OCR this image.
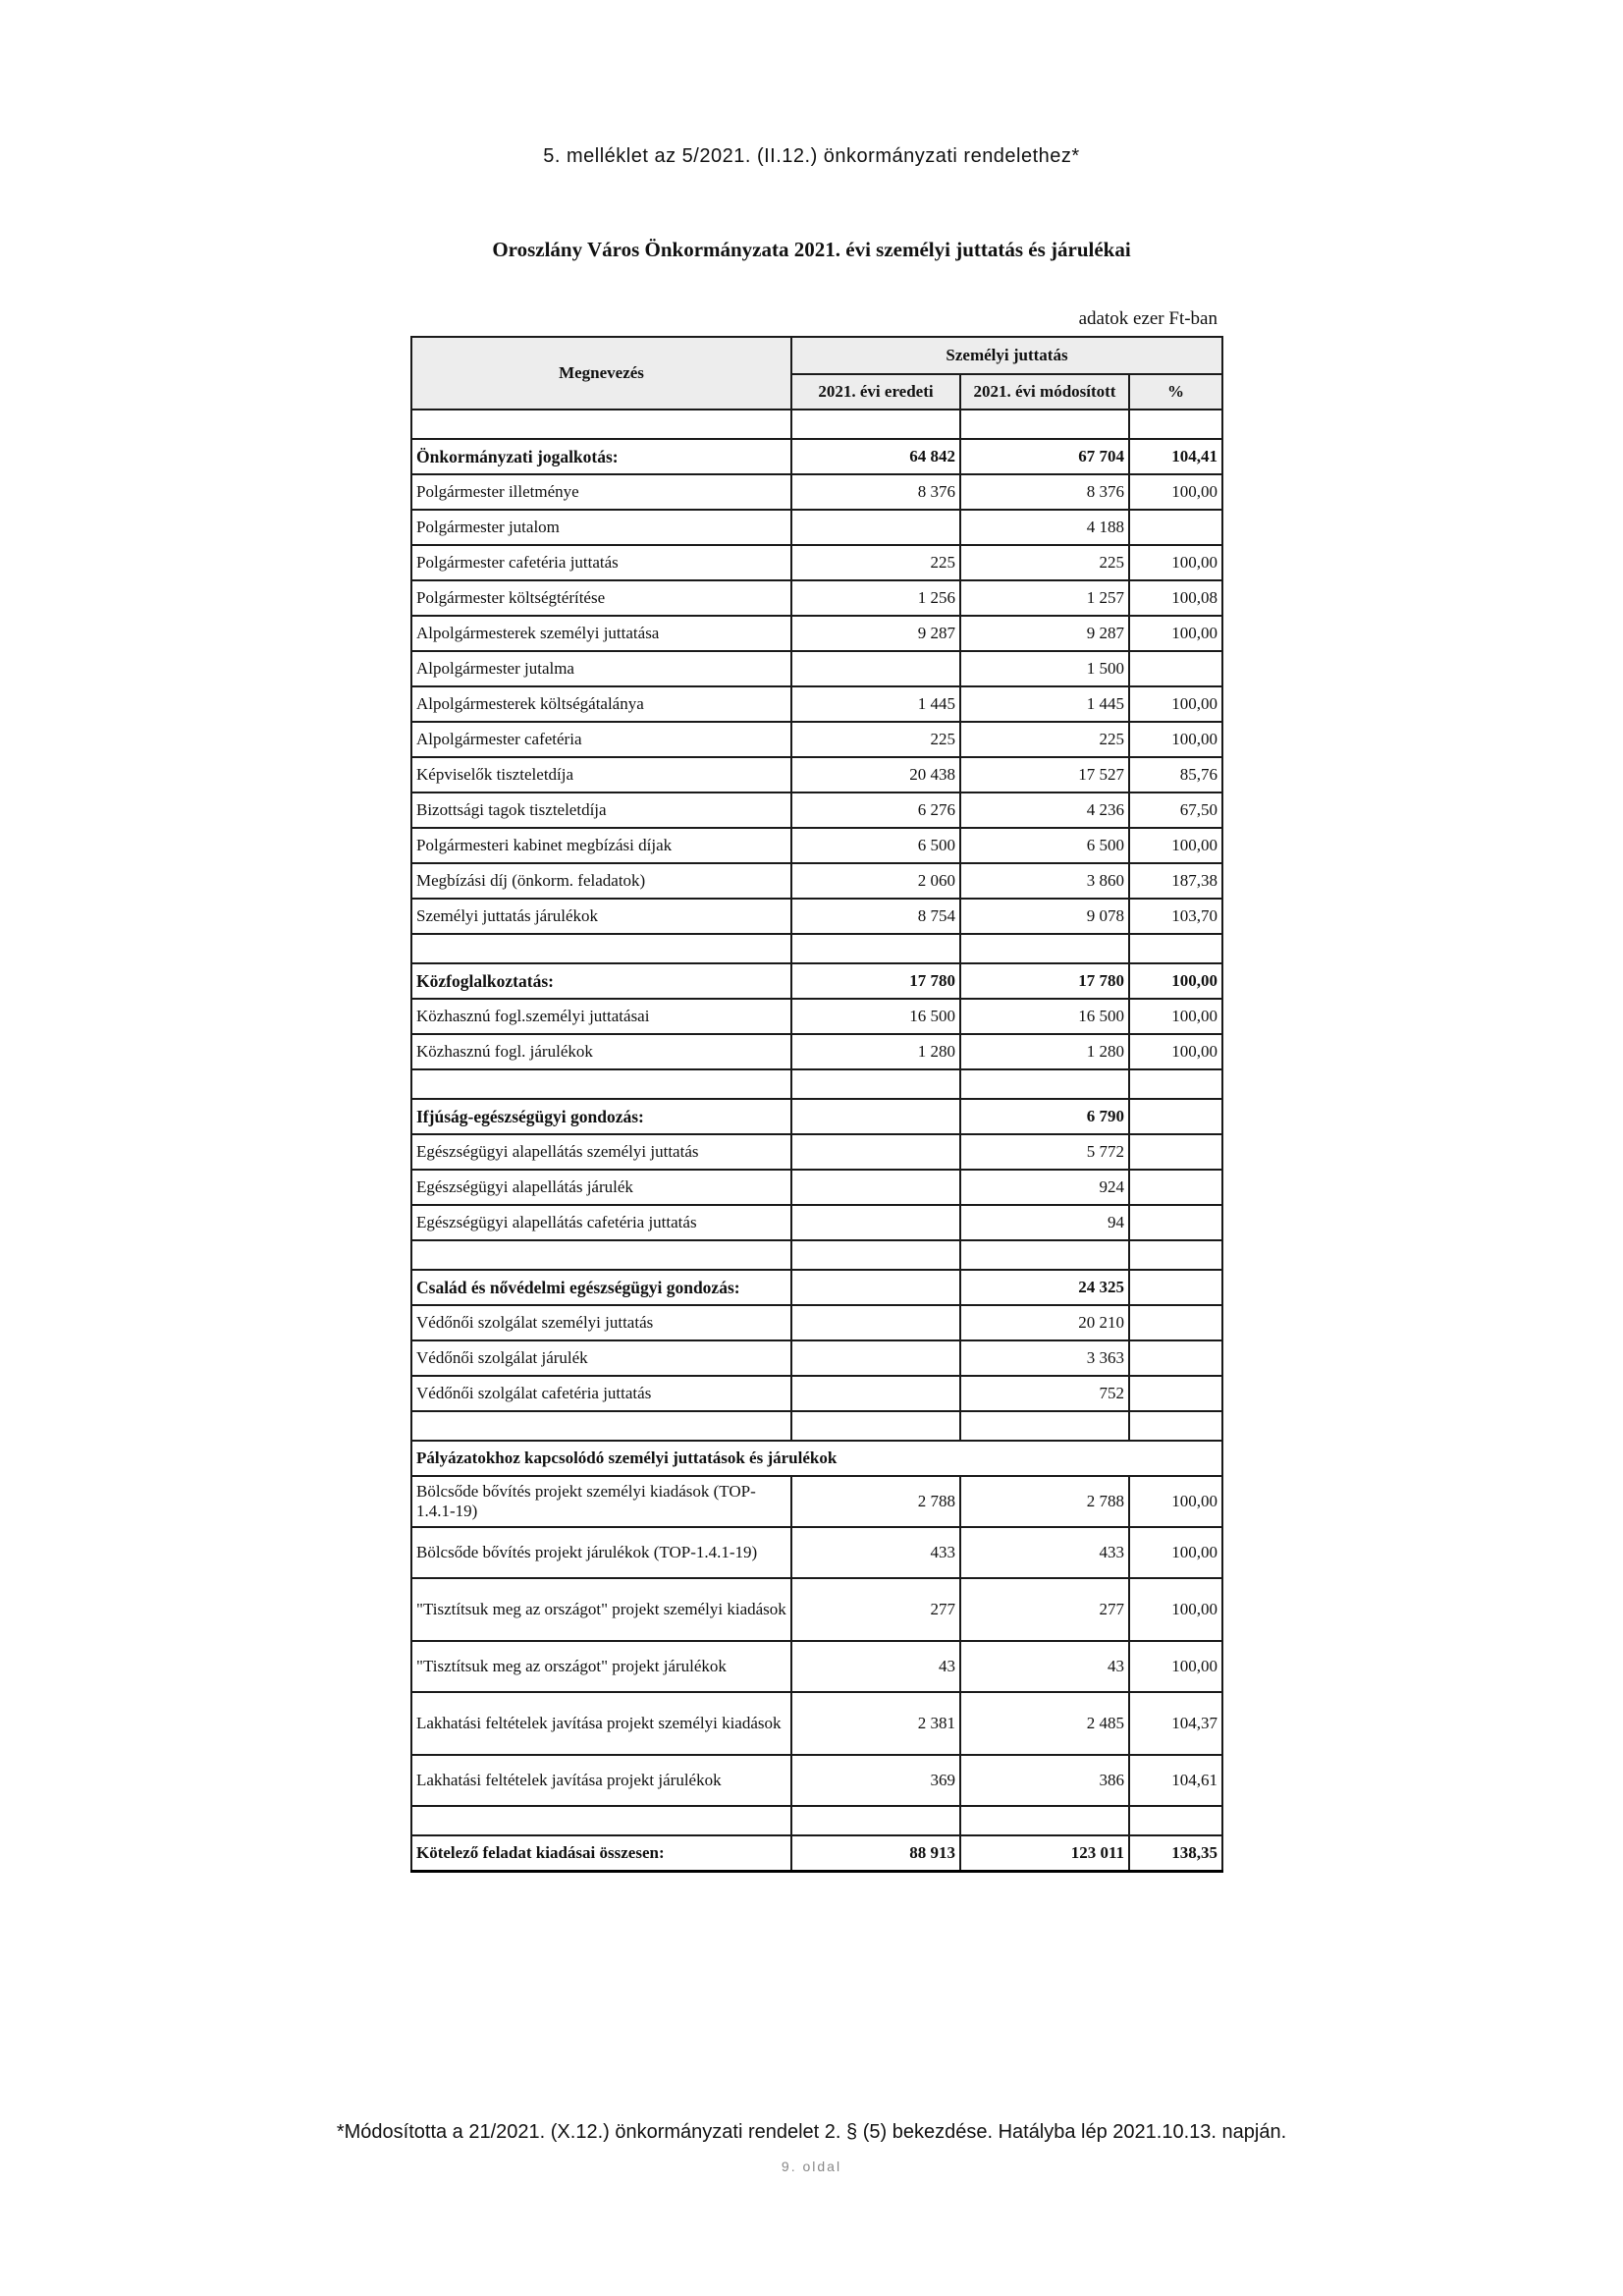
5. melléklet az 5/2021. (II.12.) önkormányzati rendelethez*
Oroszlány Város Önkormányzata 2021. évi személyi juttatás és járulékai
adatok ezer Ft-ban
Megnevezés	Személyi juttatás		
	2021. évi eredeti	2021. évi módosított	%

Önkormányzati jogalkotás:	64 842	67 704	104,41
Polgármester illetménye	8 376	8 376	100,00
Polgármester jutalom		4 188	
Polgármester cafetéria juttatás	225	225	100,00
Polgármester költségtérítése	1 256	1 257	100,08
Alpolgármesterek személyi juttatása	9 287	9 287	100,00
Alpolgármester jutalma		1 500	
Alpolgármesterek költségátalánya	1 445	1 445	100,00
Alpolgármester cafetéria	225	225	100,00
Képviselők tiszteletdíja	20 438	17 527	85,76
Bizottsági tagok tiszteletdíja	6 276	4 236	67,50
Polgármesteri kabinet megbízási díjak	6 500	6 500	100,00
Megbízási díj (önkorm. feladatok)	2 060	3 860	187,38
Személyi juttatás járulékok	8 754	9 078	103,70

Közfoglalkoztatás:	17 780	17 780	100,00
Közhasznú fogl.személyi juttatásai	16 500	16 500	100,00
Közhasznú fogl. járulékok	1 280	1 280	100,00

Ifjúság-egészségügyi gondozás:		6 790	
Egészségügyi alapellátás személyi juttatás		5 772	
Egészségügyi alapellátás járulék		924	
Egészségügyi alapellátás cafetéria juttatás		94	

Család és nővédelmi egészségügyi gondozás:		24 325	
Védőnői szolgálat személyi juttatás		20 210	
Védőnői szolgálat járulék		3 363	
Védőnői szolgálat cafetéria juttatás		752	

Pályázatokhoz kapcsolódó személyi juttatások és járulékok			
Bölcsőde bővítés projekt személyi kiadások (TOP-1.4.1-19)	2 788	2 788	100,00
Bölcsőde bővítés projekt járulékok (TOP-1.4.1-19)	433	433	100,00
"Tisztítsuk meg az országot" projekt személyi kiadások	277	277	100,00
"Tisztítsuk meg az országot" projekt járulékok	43	43	100,00
Lakhatási feltételek javítása projekt személyi kiadások	2 381	2 485	104,37
Lakhatási feltételek javítása projekt járulékok	369	386	104,61

Kötelező feladat kiadásai összesen:	88 913	123 011	138,35
*Módosította a 21/2021. (X.12.) önkormányzati rendelet 2. § (5) bekezdése. Hatályba lép 2021.10.13. napján.
9. oldal
